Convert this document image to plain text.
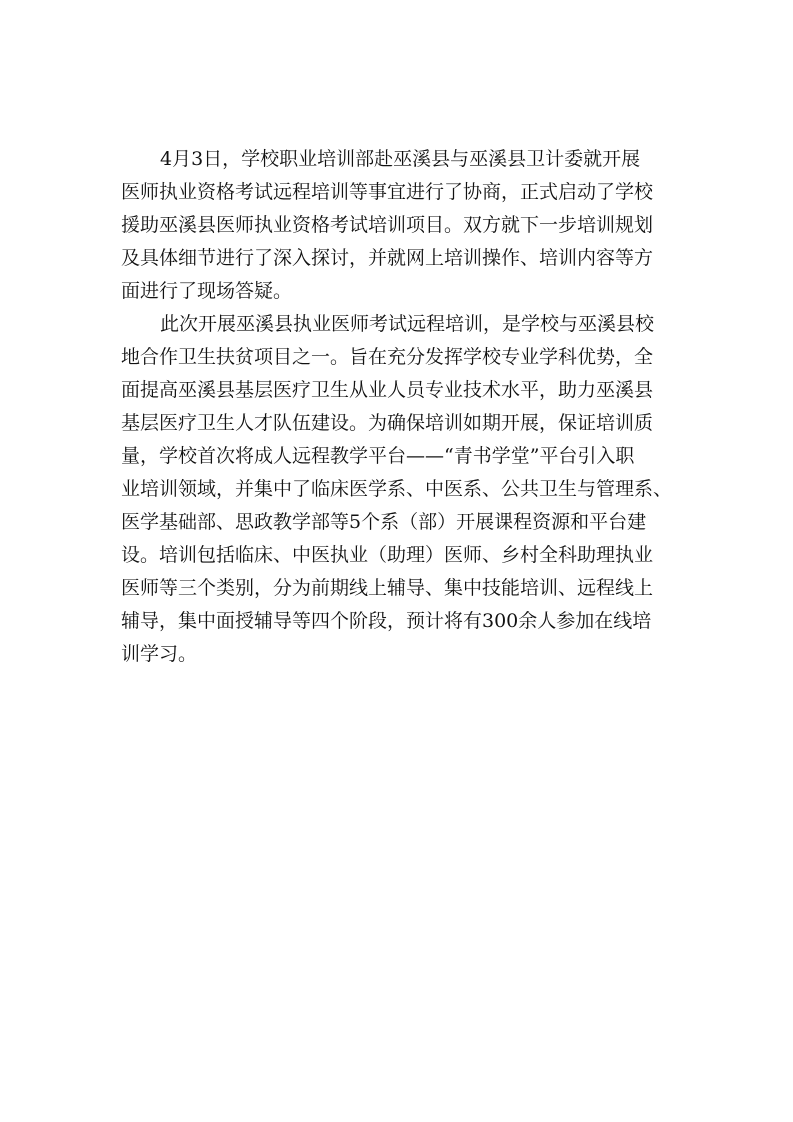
4月3日，学校职业培训部赴巫溪县与巫溪县卫计委就开展
医师执业资格考试远程培训等事宜进行了协商，正式启动了学校
援助巫溪县医师执业资格考试培训项目。双方就下一步培训规划
及具体细节进行了深入探讨，并就网上培训操作、培训内容等方
面进行了现场答疑。
此次开展巫溪县执业医师考试远程培训，是学校与巫溪县校
地合作卫生扶贫项目之一。旨在充分发挥学校专业学科优势，全
面提高巫溪县基层医疗卫生从业人员专业技术水平，助力巫溪县
基层医疗卫生人才队伍建设。为确保培训如期开展，保证培训质
量，学校首次将成人远程教学平台——“青书学堂”平台引入职
业培训领域，并集中了临床医学系、中医系、公共卫生与管理系、
医学基础部、思政教学部等5个系（部）开展课程资源和平台建
设。培训包括临床、中医执业（助理）医师、乡村全科助理执业
医师等三个类别，分为前期线上辅导、集中技能培训、远程线上
辅导，集中面授辅导等四个阶段，预计将有300余人参加在线培
训学习。
